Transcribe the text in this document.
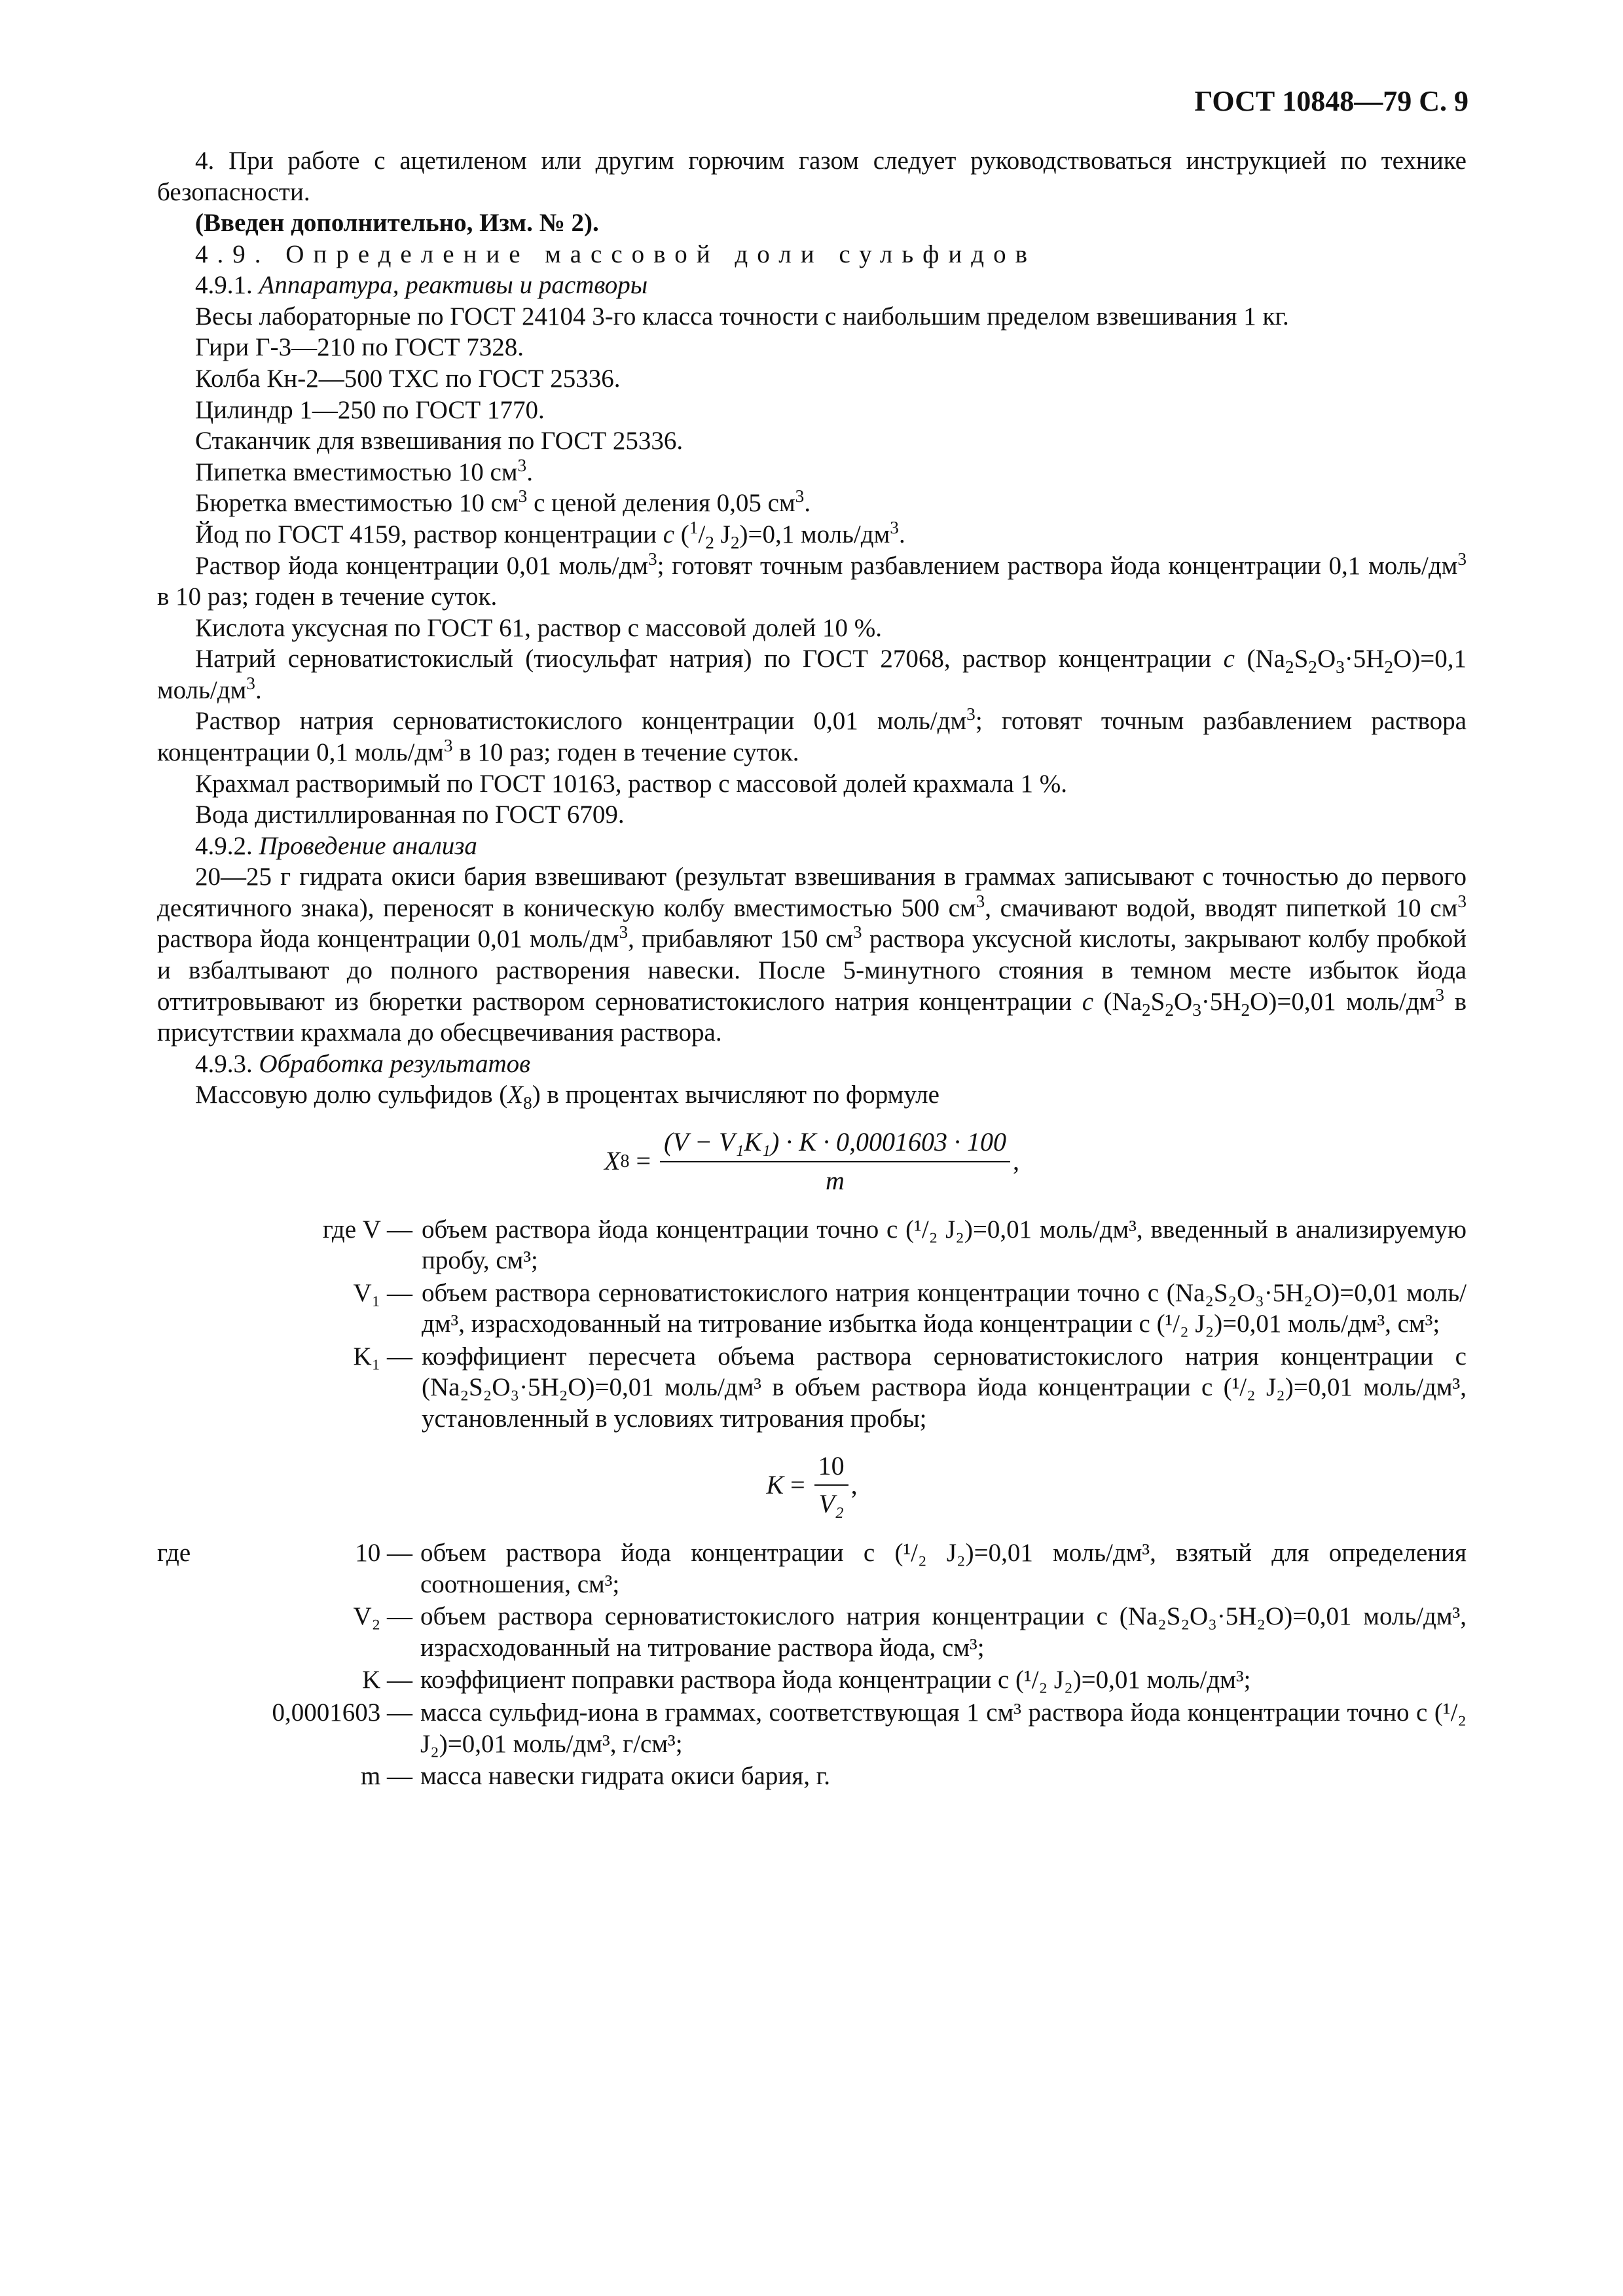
ГОСТ 10848—79 С. 9

4. При работе с ацетиленом или другим горючим газом следует руководствоваться инструкцией по технике безопасности.

(Введен дополнительно, Изм. № 2).

4.9. Определение массовой доли сульфидов

4.9.1. Аппаратура, реактивы и растворы

Весы лабораторные по ГОСТ 24104 3-го класса точности с наибольшим пределом взвешивания 1 кг.

Гири Г-3—210 по ГОСТ 7328.

Колба Кн-2—500 ТХС по ГОСТ 25336.

Цилиндр 1—250 по ГОСТ 1770.

Стаканчик для взвешивания по ГОСТ 25336.

Пипетка вместимостью 10 $см^3$.

Бюретка вместимостью 10 $см^3$ с ценой деления 0,05 $см^3$.

Йод по ГОСТ 4159, раствор концентрации c ($^1/_2$ $J_2)=0,1$ моль/$дм^3$.

Раствор йода концентрации 0,01 моль/$дм^3$; готовят точным разбавлением раствора йода концентрации 0,1 моль/$дм^3$ в 10 раз; годен в течение суток.

Кислота уксусная по ГОСТ 61, раствор с массовой долей 10 %.

Натрий серноватистокислый (тиосульфат натрия) по ГОСТ 27068, раствор концентрации c $(Na_2S_2O_3\cdot 5H_2O)=0,1$ моль/$дм^3$.

Раствор натрия серноватистокислого концентрации 0,01 моль/$дм^3$; готовят точным разбавлением раствора концентрации 0,1 моль/$дм^3$ в 10 раз; годен в течение суток.

Крахмал растворимый по ГОСТ 10163, раствор с массовой долей крахмала 1 %.

Вода дистиллированная по ГОСТ 6709.

4.9.2. Проведение анализа

20—25 г гидрата окиси бария взвешивают (результат взвешивания в граммах записывают с точностью до первого десятичного знака), переносят в коническую колбу вместимостью 500 $см^3$, смачивают водой, вводят пипеткой 10 $см^3$ раствора йода концентрации 0,01 моль/$дм^3$, прибавляют 150 $см^3$ раствора уксусной кислоты, закрывают колбу пробкой и взбалтывают до полного растворения навески. После 5-минутного стояния в темном месте избыток йода оттитровывают из бюретки раствором серноватистокислого натрия концентрации c $(Na_2S_2O_3\cdot 5H_2O)=0,01$ моль/$дм^3$ в присутствии крахмала до обесцвечивания раствора.

4.9.3. Обработка результатов

Массовую долю сульфидов $(X_8)$ в процентах вычисляют по формуле

X $8 = \frac{\text{(V − V₁K₁) · K · 0,0001603 · 100}}{m}$ ,
где V — объем раствора йода концентрации точно c (¹/₂ J₂)=0,01 моль/дм³, введенный в анализируемую пробу, см³;
V₁ — объем раствора серноватистокислого натрия концентрации точно c (Na₂S₂O₃·5H₂O)=0,01 моль/дм³, израсходованный на титрование избытка йода концентрации c (¹/₂ J₂)=0,01 моль/дм³, см³;
K₁ — коэффициент пересчета объема раствора серноватистокислого натрия концентрации c (Na₂S₂O₃·5H₂O)=0,01 моль/дм³ в объем раствора йода концентрации c (¹/₂ J₂)=0,01 моль/дм³, установленный в условиях титрования пробы;
$K = \frac{10}{\text{V₂}}$ ,
где	10 — объем раствора йода концентрации c (¹/₂ J₂)=0,01 моль/дм³, взятый для определения соотношения, см³;
V₂ — объем раствора серноватистокислого натрия концентрации c (Na₂S₂O₃·5H₂O)=0,01 моль/дм³, израсходованный на титрование раствора йода, см³;
K — коэффициент поправки раствора йода концентрации c (¹/₂ J₂)=0,01 моль/дм³;
0,0001603 — масса сульфид-иона в граммах, соответствующая 1 см³ раствора йода концентрации точно c (¹/₂ J₂)=0,01 моль/дм³, г/см³;
m — масса навески гидрата окиси бария, г.
